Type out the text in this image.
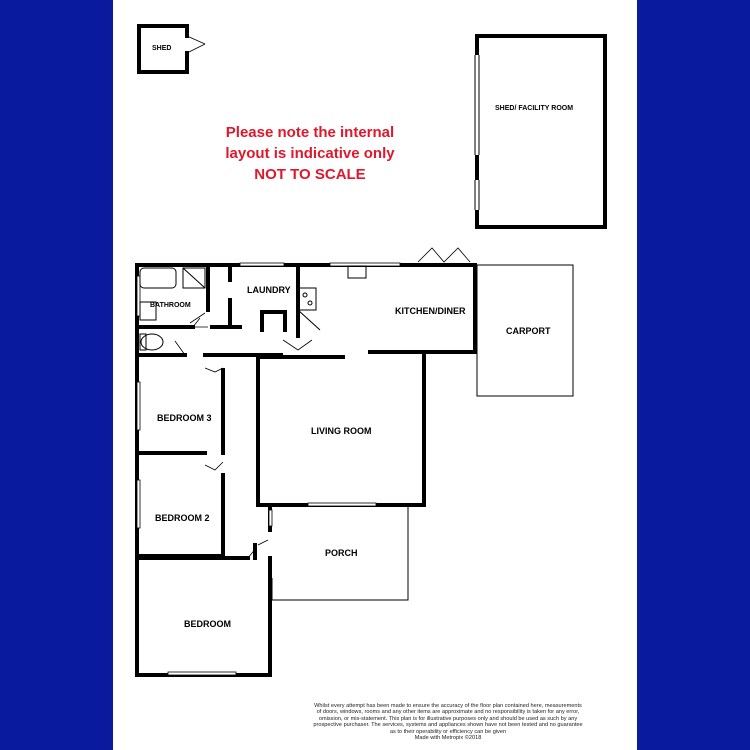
SHED
SHED/ FACILITY ROOM
Please note the internal
layout is indicative only
NOT TO SCALE
CARPORT
PORCH
LAUNDRY
BATHROOM
KITCHEN/DINER
BEDROOM 3
LIVING ROOM
BEDROOM 2
BEDROOM
Whilst every attempt has been made to ensure the accuracy of the floor plan contained here, measurements
of doors, windows, rooms and any other items are approximate and no responsibility is taken for any error,
omission, or mis-statement. This plan is for illustrative purposes only and should be used as such by any
prospective purchaser. The services, systems and appliances shown have not been tested and no guarantee
as to their operability or efficiency can be given
Made with Metropix ©2018
